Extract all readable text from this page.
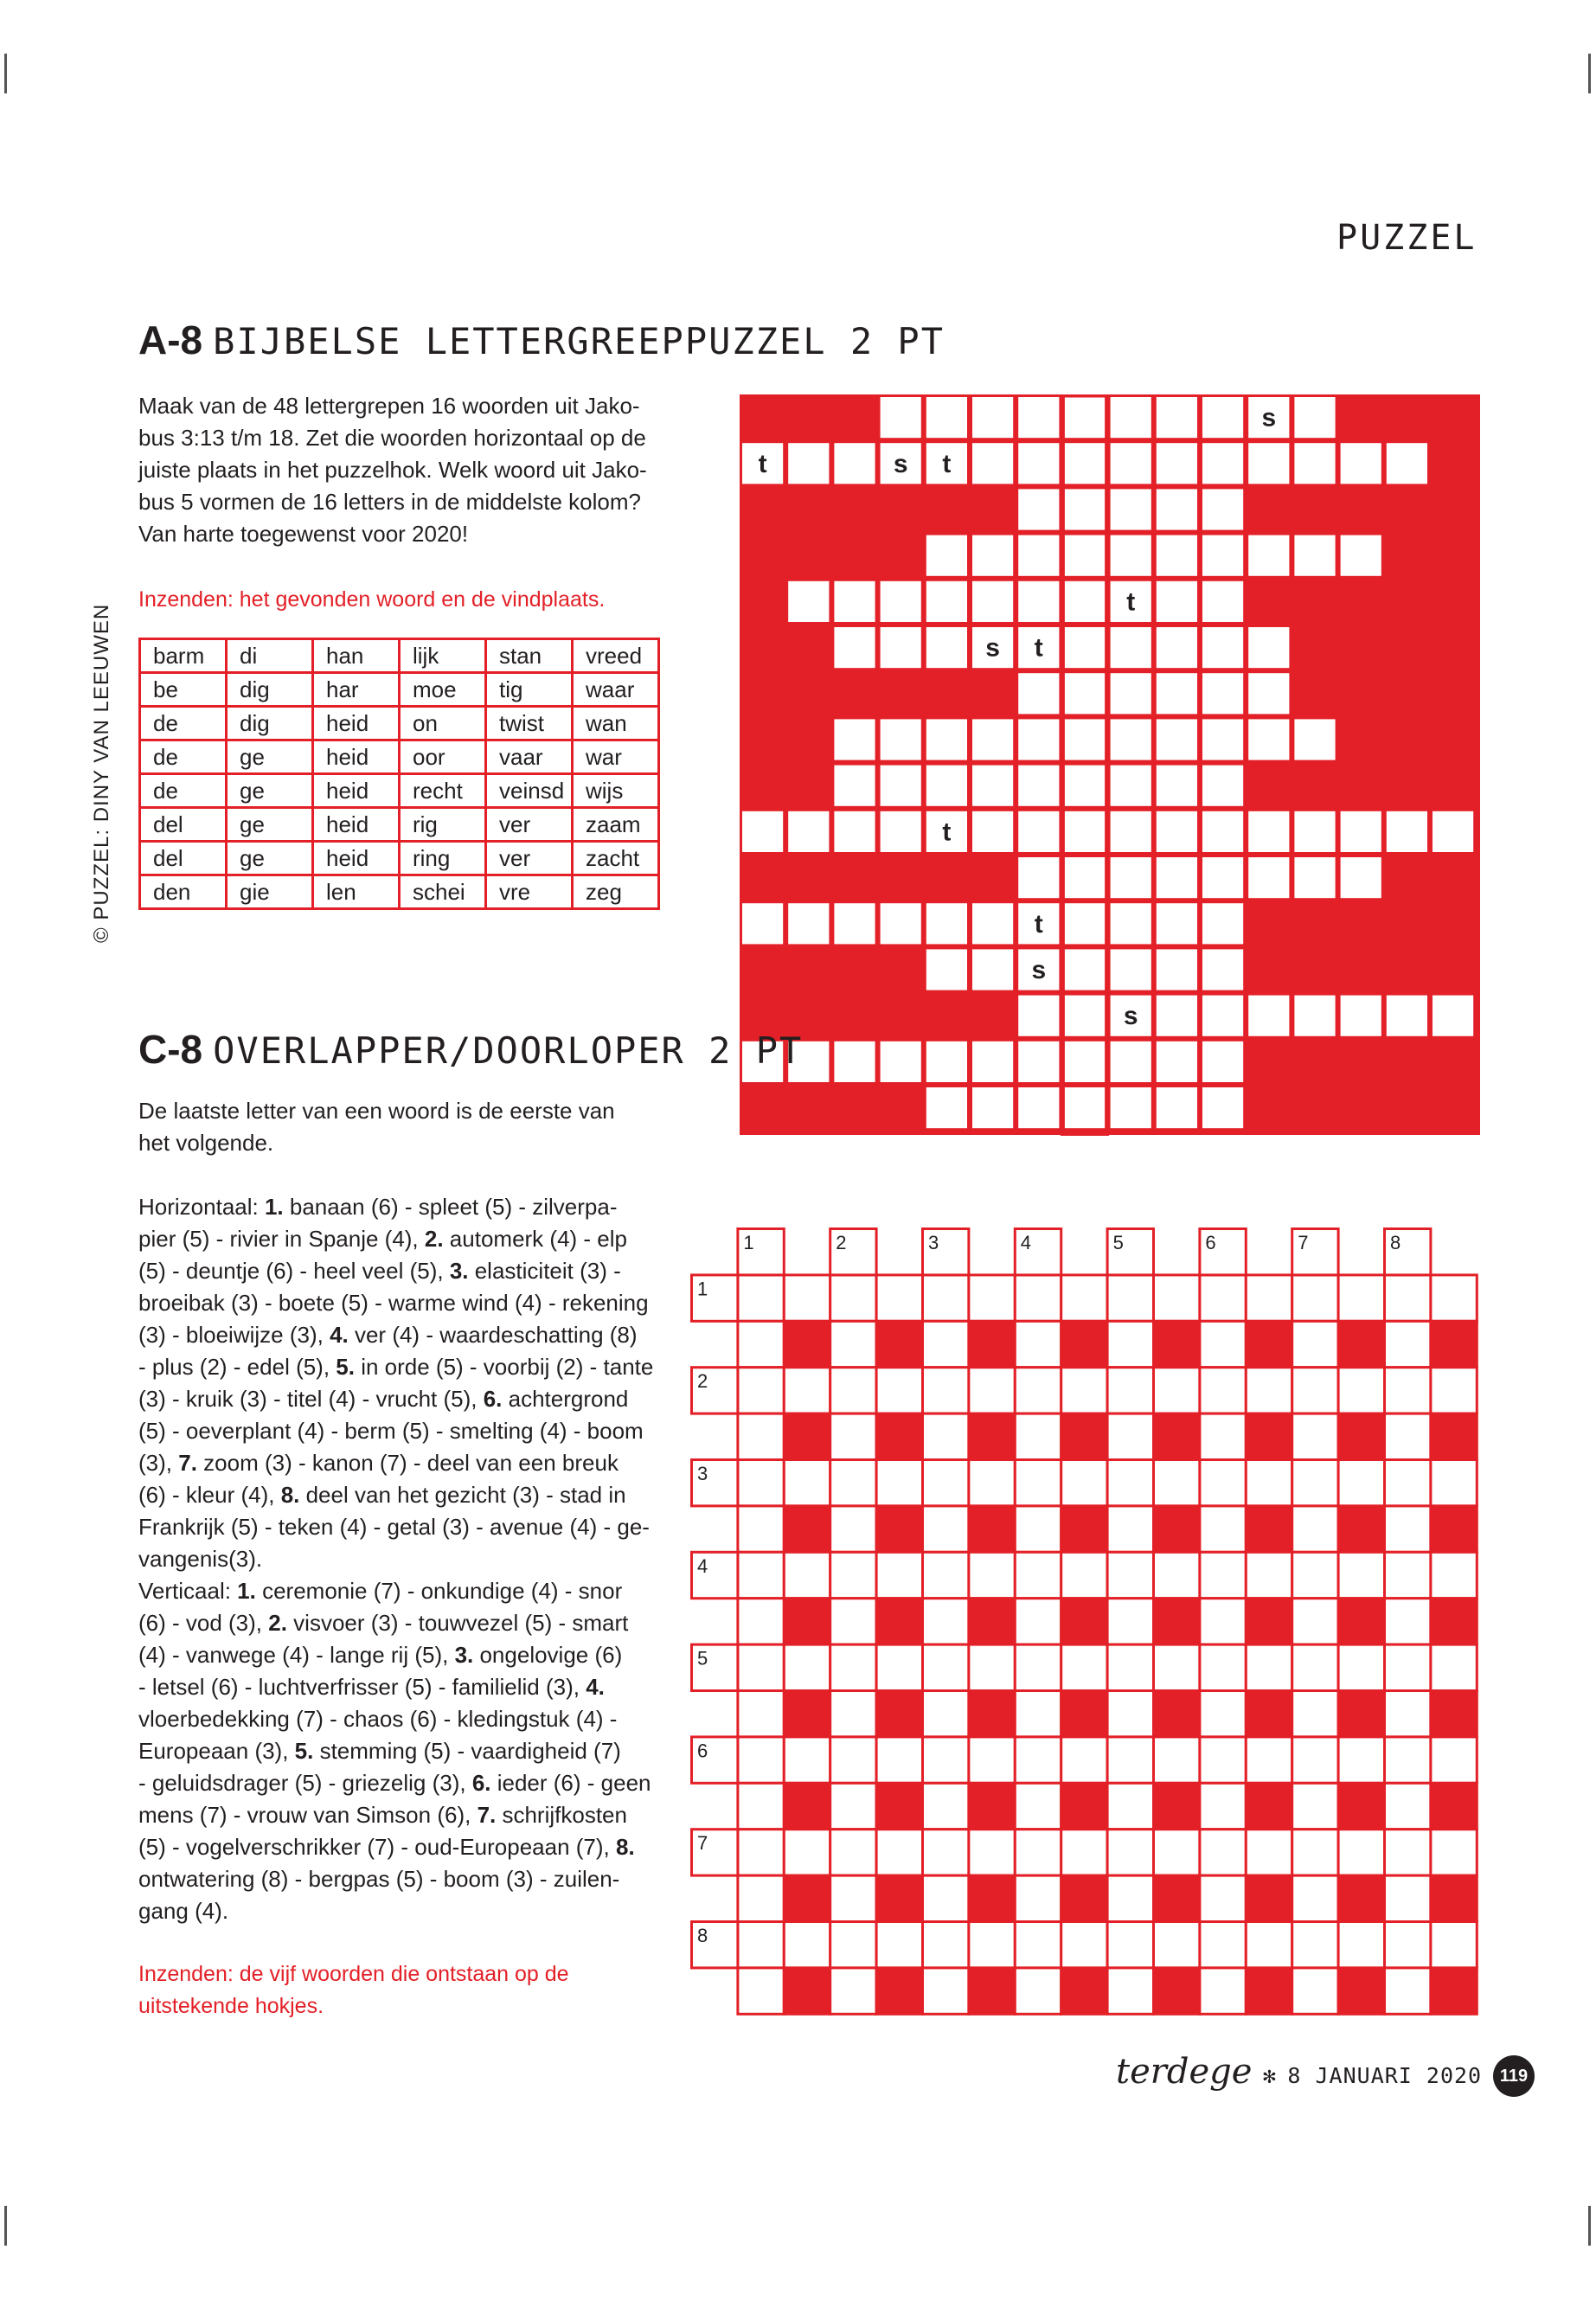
PUZZEL
© PUZZEL: DINY VAN LEEUWEN
A-8 BIJBELSE LETTERGREEPPUZZEL 2 PT
Maak van de 48 lettergrepen 16 woorden uit Jako-
bus 3:13 t/m 18. Zet die woorden horizontaal op de
juiste plaats in het puzzelhok. Welk woord uit Jako-
bus 5 vormen de 16 letters in de middelste kolom?
Van harte toegewenst voor 2020!
Inzenden: het gevonden woord en de vindplaats.
barm	di	han	lijk	stan	vreed
be	dig	har	moe	tig	waar
de	dig	heid	on	twist	wan
de	ge	heid	oor	vaar	war
de	ge	heid	recht	veinsd	wijs
del	ge	heid	rig	ver	zaam
del	ge	heid	ring	ver	zacht
den	gie	len	schei	vre	zeg
s
t	s t
t
s t
t
t
s
s
C-8 OVERLAPPER/DOORLOPER 2 PT
De laatste letter van een woord is de eerste van
het volgende.
Horizontaal: 1. banaan (6) - spleet (5) - zilverpa-
pier (5) - rivier in Spanje (4), 2. automerk (4) - elp
(5) - deuntje (6) - heel veel (5), 3. elasticiteit (3) -
broeibak (3) - boete (5) - warme wind (4) - rekening
(3) - bloeiwijze (3), 4. ver (4) - waardeschatting (8)
- plus (2) - edel (5), 5. in orde (5) - voorbij (2) - tante
(3) - kruik (3) - titel (4) - vrucht (5), 6. achtergrond
(5) - oeverplant (4) - berm (5) - smelting (4) - boom
(3), 7. zoom (3) - kanon (7) - deel van een breuk
(6) - kleur (4), 8. deel van het gezicht (3) - stad in
Frankrijk (5) - teken (4) - getal (3) - avenue (4) - ge-
vangenis(3).
Verticaal: 1. ceremonie (7) - onkundige (4) - snor
(6) - vod (3), 2. visvoer (3) - touwvezel (5) - smart
(4) - vanwege (4) - lange rij (5), 3. ongelovige (6)
- letsel (6) - luchtverfrisser (5) - familielid (3), 4.
vloerbedekking (7) - chaos (6) - kledingstuk (4) -
Europeaan (3), 5. stemming (5) - vaardigheid (7)
- geluidsdrager (5) - griezelig (3), 6. ieder (6) - geen
mens (7) - vrouw van Simson (6), 7. schrijfkosten
(5) - vogelverschrikker (7) - oud-Europeaan (7), 8.
ontwatering (8) - bergpas (5) - boom (3) - zuilen-
gang (4).
Inzenden: de vijf woorden die ontstaan op de
uitstekende hokjes.
1
1
2
2
3
3
4
4
5
5
6
6
7
7
8
8
terdege ✻ 8 JANUARI 2020	119
